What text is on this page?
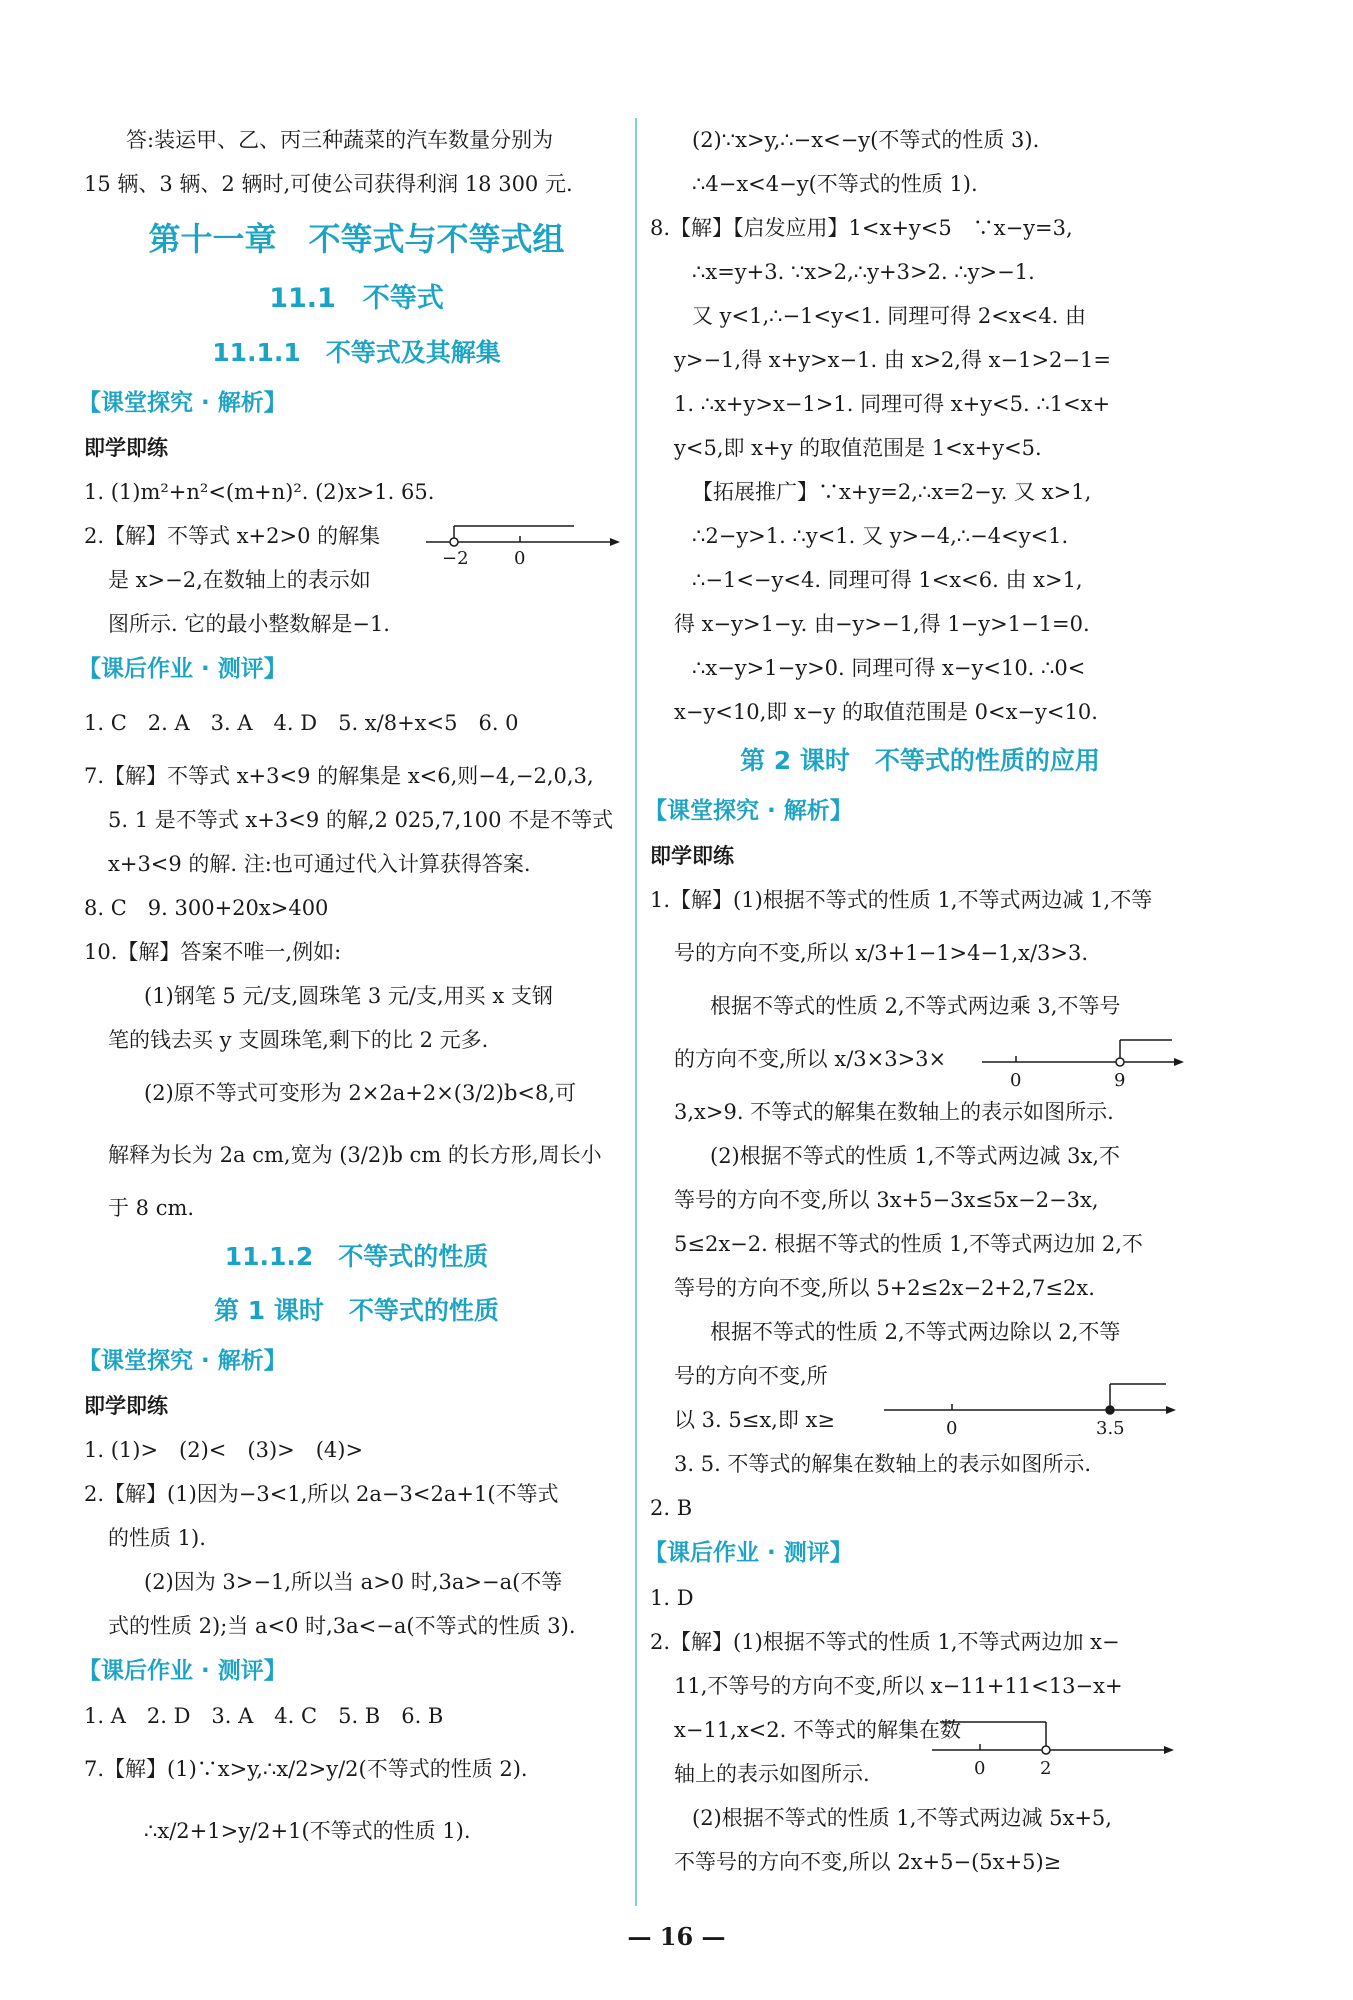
答:装运甲、乙、丙三种蔬菜的汽车数量分别为

15 辆、3 辆、2 辆时,可使公司获得利润 18 300 元.

第十一章　不等式与不等式组
11.1　不等式
11.1.1　不等式及其解集
【课堂探究 · 解析】
即学即练

1. (1)m²+n²<(m+n)². (2)x>1. 65.

2.【解】不等式 x+2>0 的解集

是 x>−2,在数轴上的表示如

图所示. 它的最小整数解是−1.

−2	0
【课后作业 · 测评】

1. C　2. A　3. A　4. D　5. x/8+x<5　6. 0

7.【解】不等式 x+3<9 的解集是 x<6,则−4,−2,0,3,

5. 1 是不等式 x+3<9 的解,2 025,7,100 不是不等式

x+3<9 的解. 注:也可通过代入计算获得答案.

8. C　9. 300+20x>400

10.【解】答案不唯一,例如:

(1)钢笔 5 元/支,圆珠笔 3 元/支,用买 x 支钢

笔的钱去买 y 支圆珠笔,剩下的比 2 元多.

(2)原不等式可变形为 2×2a+2×(3/2)b<8,可

解释为长为 2a cm,宽为 (3/2)b cm 的长方形,周长小

于 8 cm.

11.1.2　不等式的性质
第 1 课时　不等式的性质
【课堂探究 · 解析】
即学即练

1. (1)>　(2)<　(3)>　(4)>

2.【解】(1)因为−3<1,所以 2a−3<2a+1(不等式

的性质 1).

(2)因为 3>−1,所以当 a>0 时,3a>−a(不等

式的性质 2);当 a<0 时,3a<−a(不等式的性质 3).

【课后作业 · 测评】

1. A　2. D　3. A　4. C　5. B　6. B

7.【解】(1)∵x>y,∴x/2>y/2(不等式的性质 2).

∴x/2+1>y/2+1(不等式的性质 1).

(2)∵x>y,∴−x<−y(不等式的性质 3).

∴4−x<4−y(不等式的性质 1).

8.【解】【启发应用】1<x+y<5　∵x−y=3,

∴x=y+3. ∵x>2,∴y+3>2. ∴y>−1.

又 y<1,∴−1<y<1. 同理可得 2<x<4. 由

y>−1,得 x+y>x−1. 由 x>2,得 x−1>2−1=

1. ∴x+y>x−1>1. 同理可得 x+y<5. ∴1<x+

y<5,即 x+y 的取值范围是 1<x+y<5.

【拓展推广】∵x+y=2,∴x=2−y. 又 x>1,

∴2−y>1. ∴y<1. 又 y>−4,∴−4<y<1.

∴−1<−y<4. 同理可得 1<x<6. 由 x>1,

得 x−y>1−y. 由−y>−1,得 1−y>1−1=0.

∴x−y>1−y>0. 同理可得 x−y<10. ∴0<

x−y<10,即 x−y 的取值范围是 0<x−y<10.

第 2 课时　不等式的性质的应用
【课堂探究 · 解析】
即学即练

1.【解】(1)根据不等式的性质 1,不等式两边减 1,不等

号的方向不变,所以 x/3+1−1>4−1,x/3>3.

根据不等式的性质 2,不等式两边乘 3,不等号

的方向不变,所以 x/3×3>3×

0	9

3,x>9. 不等式的解集在数轴上的表示如图所示.

(2)根据不等式的性质 1,不等式两边减 3x,不

等号的方向不变,所以 3x+5−3x≤5x−2−3x,

5≤2x−2. 根据不等式的性质 1,不等式两边加 2,不

等号的方向不变,所以 5+2≤2x−2+2,7≤2x.

根据不等式的性质 2,不等式两边除以 2,不等

号的方向不变,所

以 3. 5≤x,即 x≥	0	3.5

3. 5. 不等式的解集在数轴上的表示如图所示.

2. B

【课后作业 · 测评】

1. D

2.【解】(1)根据不等式的性质 1,不等式两边加 x−

11,不等号的方向不变,所以 x−11+11<13−x+

x−11,x<2. 不等式的解集在数

轴上的表示如图所示.	0	2

(2)根据不等式的性质 1,不等式两边减 5x+5,

不等号的方向不变,所以 2x+5−(5x+5)≥

— 16 —
